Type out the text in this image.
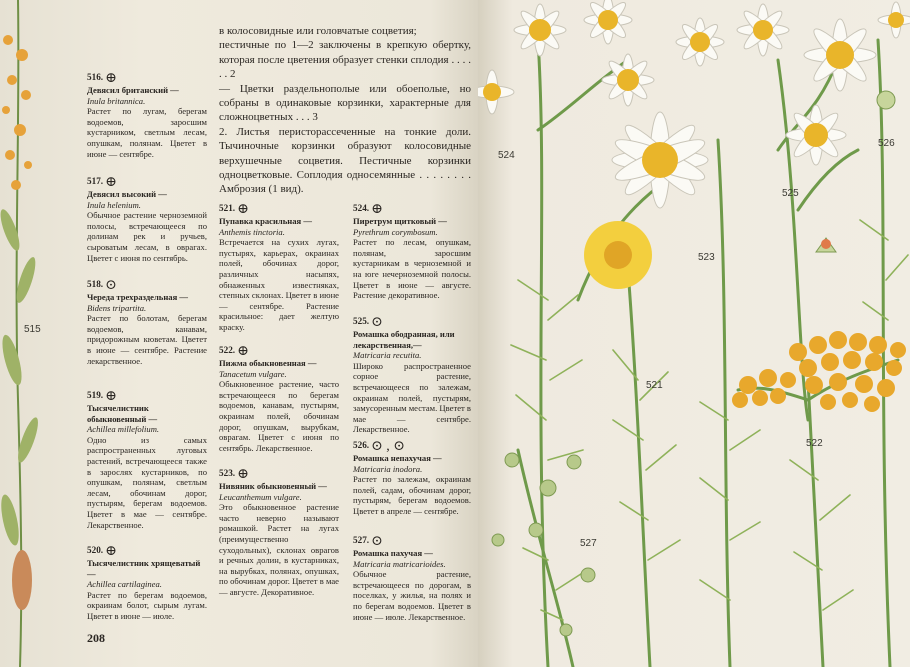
515
516. ⊕
Девясил британский —
Inula britannica.
Растет по лугам, берегам водоемов, заросшим кустарником, светлым лесам, опушкам, полянам. Цветет в июне — сентябре.
517. ⊕
Девясил высокий —
Inula helenium.
Обычное растение черноземной полосы, встречающееся по долинам рек и ручьев, сыроватым лесам, в оврагах. Цветет с июня по сентябрь.
518. ⊙
Череда трехраздельная —
Bidens tripartita.
Растет по болотам, берегам водоемов, канавам, придорожным кюветам. Цветет в июне — сентябре. Растение лекарственное.
519. ⊕
Тысячелистник обыкновенный —
Achillea millefolium.
Одно из самых распространенных луговых растений, встречающееся также в зарослях кустарников, по опушкам, полянам, светлым лесам, обочинам дорог, пустырям, берегам водоемов. Цветет в мае — сентябре. Лекарственное.
520. ⊕
Тысячелистник хрящеватый —
Achillea cartilaginea.
Растет по берегам водоемов, окраинам болот, сырым лугам. Цветет в июне — июле.

в колосовидные или головчатые соцветия;

пестичные по 1—2 заключены в крепкую обертку, которая после цветения образует стенки сплодия . . . . . . 2

— Цветки раздельнополые или обоеполые, но собраны в одинаковые корзинки, характерные для сложноцветных . . . 3

2. Листья перистоpассеченные на тонкие доли. Тычиночные корзинки образуют колосовидные верхушечные соцветия. Пестичные корзинки одноцветковые. Соплодия односемянные . . . . . . . . Амброзия (1 вид).

521. ⊕
Пупавка красильная —
Anthemis tinctoria.
Встречается на сухих лугах, пустырях, карьерах, окраинах полей, обочинах дорог, различных насыпях, обнаженных известняках, степных склонах. Цветет в июне — сентябре. Растение красильное: дает желтую краску.
522. ⊕
Пижма обыкновенная —
Tanacetum vulgare.
Обыкновенное растение, часто встречающееся по берегам водоемов, канавам, пустырям, окраинам полей, обочинам дорог, опушкам, вырубкам, оврагам. Цветет с июня по сентябрь. Лекарственное.
523. ⊕
Нивяник обыкновенный —
Leucanthemum vulgare.
Это обыкновенное растение часто неверно называют ромашкой. Растет на лугах (преимущественно суходольных), склонах оврагов и речных долин, в кустарниках, на вырубках, полянах, опушках, по обочинам дорог. Цветет в мае — августе. Декоративное.
524. ⊕
Пиретрум щитковый —
Pyrethrum corymbosum.
Растет по лесам, опушкам, полянам, заросшим кустарникам в черноземной и на юге нечерноземной полосы. Цветет в июне — августе. Растение декоративное.
525. ⊙
Ромашка ободранная, или лекарственная,—
Matricaria recutita.
Широко распространенное сорное растение, встречающееся по залежам, окраинам полей, пустырям, замусоренным местам. Цветет в мае — сентябре. Лекарственное.
526. ⊙ , ⊙
Ромашка непахучая —
Matricaria inodora.
Растет по залежам, окраинам полей, садам, обочинам дорог, пустырям, берегам водоемов. Цветет в апреле — сентябре.
527. ⊙
Ромашка пахучая —
Matricaria matricarioides.
Обычное растение, встречающееся по дорогам, в поселках, у жилья, на полях и по берегам водоемов. Цветет в июне — июле. Лекарственное.
208
521
522
523
524
525
526
527
